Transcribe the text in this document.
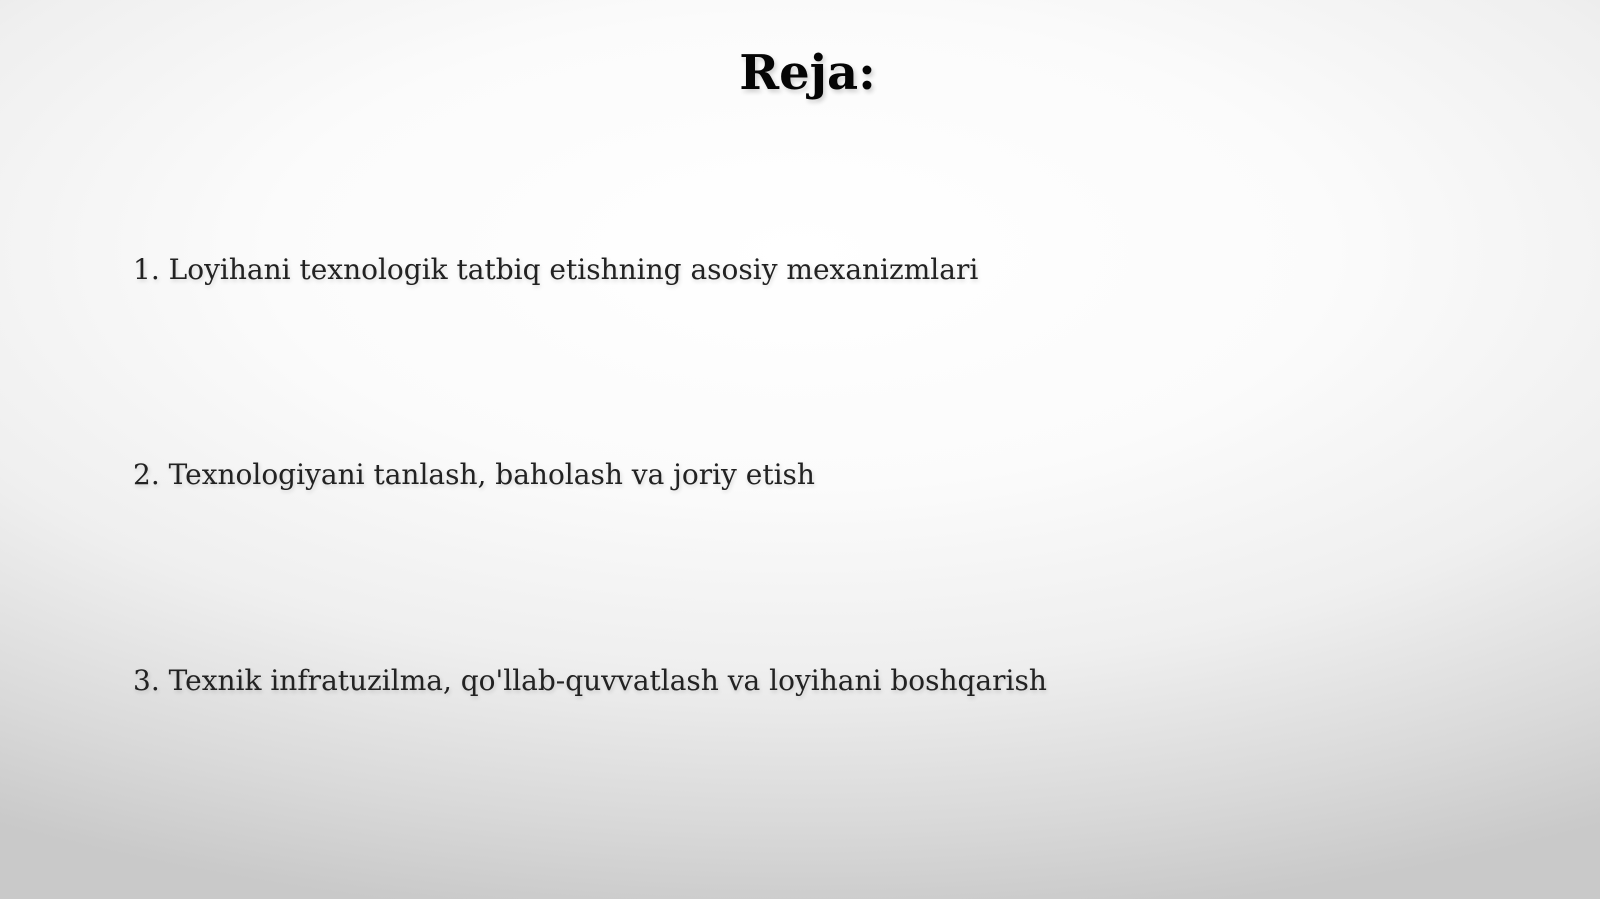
Reja:
1. Loyihani texnologik tatbiq etishning asosiy mexanizmlari
2. Texnologiyani tanlash, baholash va joriy etish
3. Texnik infratuzilma, qo'llab-quvvatlash va loyihani boshqarish
